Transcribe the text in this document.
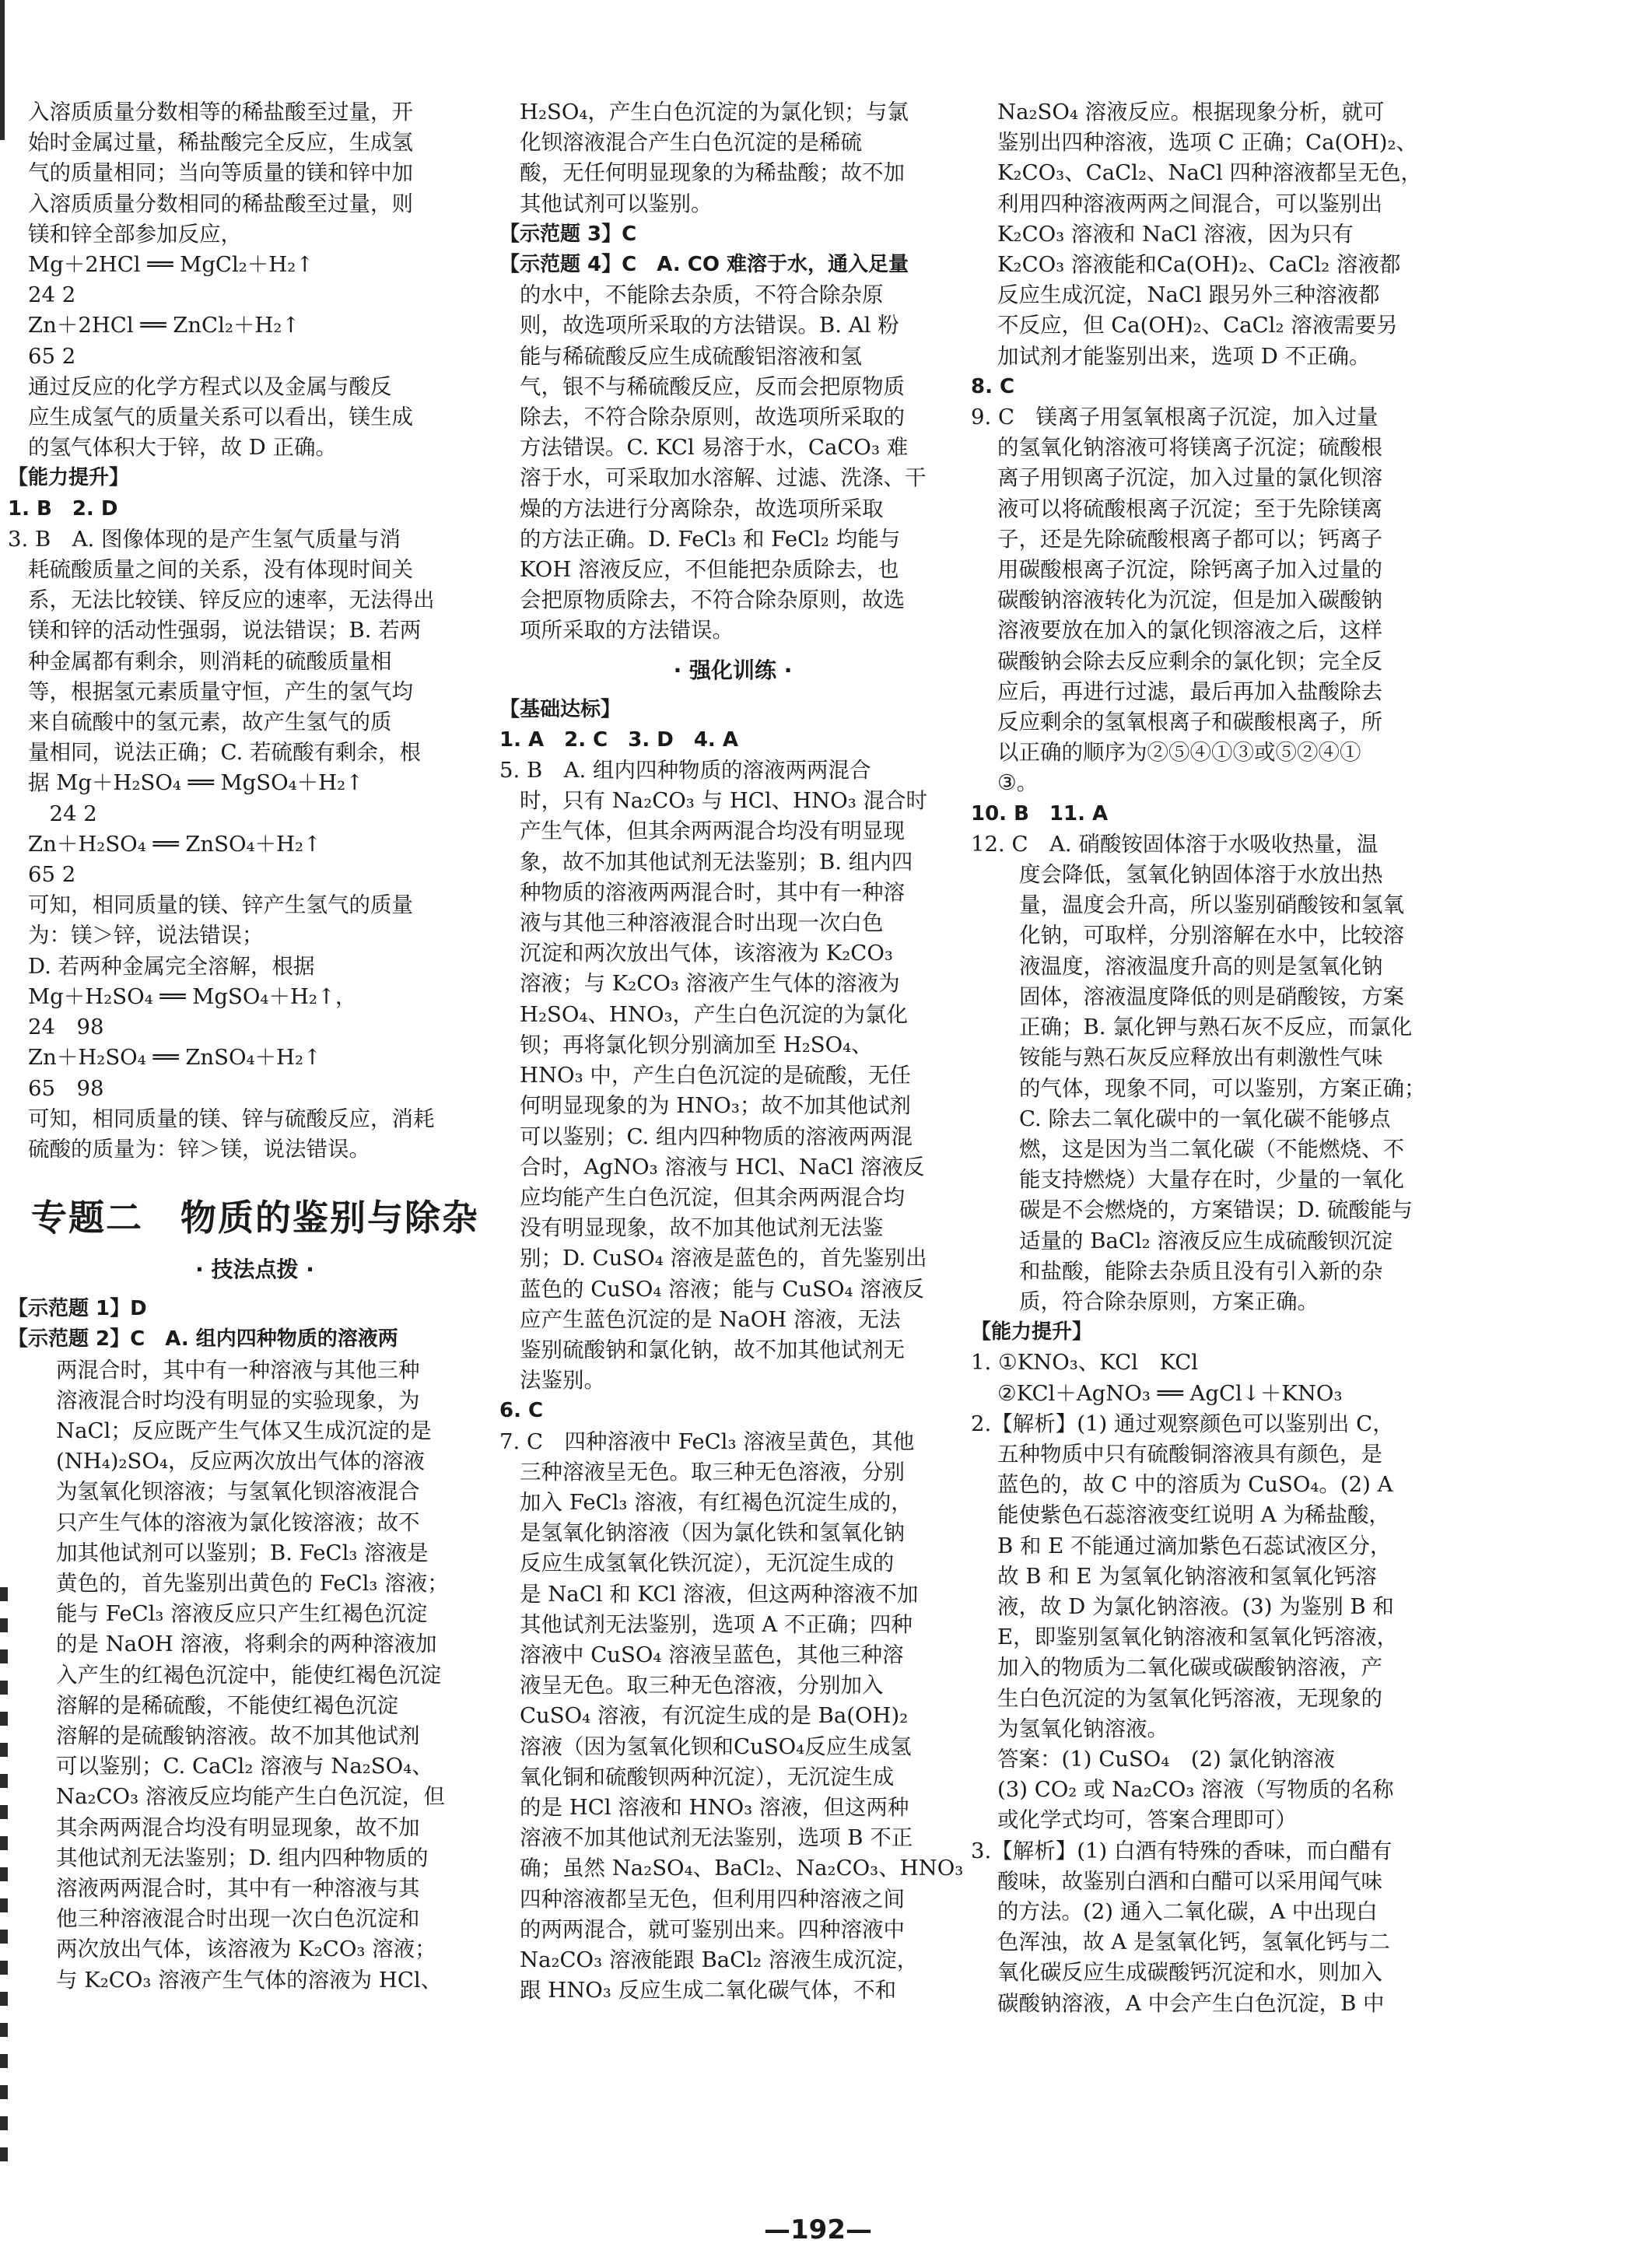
入溶质质量分数相等的稀盐酸至过量，开

始时金属过量，稀盐酸完全反应，生成氢

气的质量相同；当向等质量的镁和锌中加

入溶质质量分数相同的稀盐酸至过量，则

镁和锌全部参加反应，

Mg＋2HCl ══ MgCl₂＋H₂↑

24 2

Zn＋2HCl ══ ZnCl₂＋H₂↑

65 2

通过反应的化学方程式以及金属与酸反

应生成氢气的质量关系可以看出，镁生成

的氢气体积大于锌，故 D 正确。

【能力提升】

1. B　2. D

3. B　A. 图像体现的是产生氢气质量与消

耗硫酸质量之间的关系，没有体现时间关

系，无法比较镁、锌反应的速率，无法得出

镁和锌的活动性强弱，说法错误；B. 若两

种金属都有剩余，则消耗的硫酸质量相

等，根据氢元素质量守恒，产生的氢气均

来自硫酸中的氢元素，故产生氢气的质

量相同，说法正确；C. 若硫酸有剩余，根

据 Mg＋H₂SO₄ ══ MgSO₄＋H₂↑

　24 2

Zn＋H₂SO₄ ══ ZnSO₄＋H₂↑

65 2

可知，相同质量的镁、锌产生氢气的质量

为：镁＞锌，说法错误；

D. 若两种金属完全溶解，根据

Mg＋H₂SO₄ ══ MgSO₄＋H₂↑，

24　98

Zn＋H₂SO₄ ══ ZnSO₄＋H₂↑

65　98

可知，相同质量的镁、锌与硫酸反应，消耗

硫酸的质量为：锌＞镁，说法错误。

专题二　物质的鉴别与除杂
· 技法点拨 ·

【示范题 1】D

【示范题 2】C　A. 组内四种物质的溶液两

两混合时，其中有一种溶液与其他三种

溶液混合时均没有明显的实验现象，为

NaCl；反应既产生气体又生成沉淀的是

(NH₄)₂SO₄，反应两次放出气体的溶液

为氢氧化钡溶液；与氢氧化钡溶液混合

只产生气体的溶液为氯化铵溶液；故不

加其他试剂可以鉴别；B. FeCl₃ 溶液是

黄色的，首先鉴别出黄色的 FeCl₃ 溶液；

能与 FeCl₃ 溶液反应只产生红褐色沉淀

的是 NaOH 溶液，将剩余的两种溶液加

入产生的红褐色沉淀中，能使红褐色沉淀

溶解的是稀硫酸，不能使红褐色沉淀

溶解的是硫酸钠溶液。故不加其他试剂

可以鉴别；C. CaCl₂ 溶液与 Na₂SO₄、

Na₂CO₃ 溶液反应均能产生白色沉淀，但

其余两两混合均没有明显现象，故不加

其他试剂无法鉴别；D. 组内四种物质的

溶液两两混合时，其中有一种溶液与其

他三种溶液混合时出现一次白色沉淀和

两次放出气体，该溶液为 K₂CO₃ 溶液；

与 K₂CO₃ 溶液产生气体的溶液为 HCl、

H₂SO₄，产生白色沉淀的为氯化钡；与氯

化钡溶液混合产生白色沉淀的是稀硫

酸，无任何明显现象的为稀盐酸；故不加

其他试剂可以鉴别。

【示范题 3】C

【示范题 4】C　A. CO 难溶于水，通入足量

的水中，不能除去杂质，不符合除杂原

则，故选项所采取的方法错误。B. Al 粉

能与稀硫酸反应生成硫酸铝溶液和氢

气，银不与稀硫酸反应，反而会把原物质

除去，不符合除杂原则，故选项所采取的

方法错误。C. KCl 易溶于水，CaCO₃ 难

溶于水，可采取加水溶解、过滤、洗涤、干

燥的方法进行分离除杂，故选项所采取

的方法正确。D. FeCl₃ 和 FeCl₂ 均能与

KOH 溶液反应，不但能把杂质除去，也

会把原物质除去，不符合除杂原则，故选

项所采取的方法错误。

· 强化训练 ·

【基础达标】

1. A　2. C　3. D　4. A

5. B　A. 组内四种物质的溶液两两混合

时，只有 Na₂CO₃ 与 HCl、HNO₃ 混合时

产生气体，但其余两两混合均没有明显现

象，故不加其他试剂无法鉴别；B. 组内四

种物质的溶液两两混合时，其中有一种溶

液与其他三种溶液混合时出现一次白色

沉淀和两次放出气体，该溶液为 K₂CO₃

溶液；与 K₂CO₃ 溶液产生气体的溶液为

H₂SO₄、HNO₃，产生白色沉淀的为氯化

钡；再将氯化钡分别滴加至 H₂SO₄、

HNO₃ 中，产生白色沉淀的是硫酸，无任

何明显现象的为 HNO₃；故不加其他试剂

可以鉴别；C. 组内四种物质的溶液两两混

合时，AgNO₃ 溶液与 HCl、NaCl 溶液反

应均能产生白色沉淀，但其余两两混合均

没有明显现象，故不加其他试剂无法鉴

别；D. CuSO₄ 溶液是蓝色的，首先鉴别出

蓝色的 CuSO₄ 溶液；能与 CuSO₄ 溶液反

应产生蓝色沉淀的是 NaOH 溶液，无法

鉴别硫酸钠和氯化钠，故不加其他试剂无

法鉴别。

6. C

7. C　四种溶液中 FeCl₃ 溶液呈黄色，其他

三种溶液呈无色。取三种无色溶液，分别

加入 FeCl₃ 溶液，有红褐色沉淀生成的，

是氢氧化钠溶液（因为氯化铁和氢氧化钠

反应生成氢氧化铁沉淀），无沉淀生成的

是 NaCl 和 KCl 溶液，但这两种溶液不加

其他试剂无法鉴别，选项 A 不正确；四种

溶液中 CuSO₄ 溶液呈蓝色，其他三种溶

液呈无色。取三种无色溶液，分别加入

CuSO₄ 溶液，有沉淀生成的是 Ba(OH)₂

溶液（因为氢氧化钡和CuSO₄反应生成氢

氧化铜和硫酸钡两种沉淀），无沉淀生成

的是 HCl 溶液和 HNO₃ 溶液，但这两种

溶液不加其他试剂无法鉴别，选项 B 不正

确；虽然 Na₂SO₄、BaCl₂、Na₂CO₃、HNO₃

四种溶液都呈无色，但利用四种溶液之间

的两两混合，就可鉴别出来。四种溶液中

Na₂CO₃ 溶液能跟 BaCl₂ 溶液生成沉淀，

跟 HNO₃ 反应生成二氧化碳气体，不和

Na₂SO₄ 溶液反应。根据现象分析，就可

鉴别出四种溶液，选项 C 正确；Ca(OH)₂、

K₂CO₃、CaCl₂、NaCl 四种溶液都呈无色，

利用四种溶液两两之间混合，可以鉴别出

K₂CO₃ 溶液和 NaCl 溶液，因为只有

K₂CO₃ 溶液能和Ca(OH)₂、CaCl₂ 溶液都

反应生成沉淀，NaCl 跟另外三种溶液都

不反应，但 Ca(OH)₂、CaCl₂ 溶液需要另

加试剂才能鉴别出来，选项 D 不正确。

8. C

9. C　镁离子用氢氧根离子沉淀，加入过量

的氢氧化钠溶液可将镁离子沉淀；硫酸根

离子用钡离子沉淀，加入过量的氯化钡溶

液可以将硫酸根离子沉淀；至于先除镁离

子，还是先除硫酸根离子都可以；钙离子

用碳酸根离子沉淀，除钙离子加入过量的

碳酸钠溶液转化为沉淀，但是加入碳酸钠

溶液要放在加入的氯化钡溶液之后，这样

碳酸钠会除去反应剩余的氯化钡；完全反

应后，再进行过滤，最后再加入盐酸除去

反应剩余的氢氧根离子和碳酸根离子，所

以正确的顺序为②⑤④①③或⑤②④①

③。

10. B　11. A

12. C　A. 硝酸铵固体溶于水吸收热量，温

度会降低，氢氧化钠固体溶于水放出热

量，温度会升高，所以鉴别硝酸铵和氢氧

化钠，可取样，分别溶解在水中，比较溶

液温度，溶液温度升高的则是氢氧化钠

固体，溶液温度降低的则是硝酸铵，方案

正确；B. 氯化钾与熟石灰不反应，而氯化

铵能与熟石灰反应释放出有刺激性气味

的气体，现象不同，可以鉴别，方案正确；

C. 除去二氧化碳中的一氧化碳不能够点

燃，这是因为当二氧化碳（不能燃烧、不

能支持燃烧）大量存在时，少量的一氧化

碳是不会燃烧的，方案错误；D. 硫酸能与

适量的 BaCl₂ 溶液反应生成硫酸钡沉淀

和盐酸，能除去杂质且没有引入新的杂

质，符合除杂原则，方案正确。

【能力提升】

1. ①KNO₃、KCl　KCl

②KCl＋AgNO₃ ══ AgCl↓＋KNO₃

2.【解析】(1) 通过观察颜色可以鉴别出 C，

五种物质中只有硫酸铜溶液具有颜色，是

蓝色的，故 C 中的溶质为 CuSO₄。(2) A

能使紫色石蕊溶液变红说明 A 为稀盐酸，

B 和 E 不能通过滴加紫色石蕊试液区分，

故 B 和 E 为氢氧化钠溶液和氢氧化钙溶

液，故 D 为氯化钠溶液。(3) 为鉴别 B 和

E，即鉴别氢氧化钠溶液和氢氧化钙溶液，

加入的物质为二氧化碳或碳酸钠溶液，产

生白色沉淀的为氢氧化钙溶液，无现象的

为氢氧化钠溶液。

答案：(1) CuSO₄　(2) 氯化钠溶液

(3) CO₂ 或 Na₂CO₃ 溶液（写物质的名称

或化学式均可，答案合理即可）

3.【解析】(1) 白酒有特殊的香味，而白醋有

酸味，故鉴别白酒和白醋可以采用闻气味

的方法。(2) 通入二氧化碳，A 中出现白

色浑浊，故 A 是氢氧化钙，氢氧化钙与二

氧化碳反应生成碳酸钙沉淀和水，则加入

碳酸钠溶液，A 中会产生白色沉淀，B 中

—192—
